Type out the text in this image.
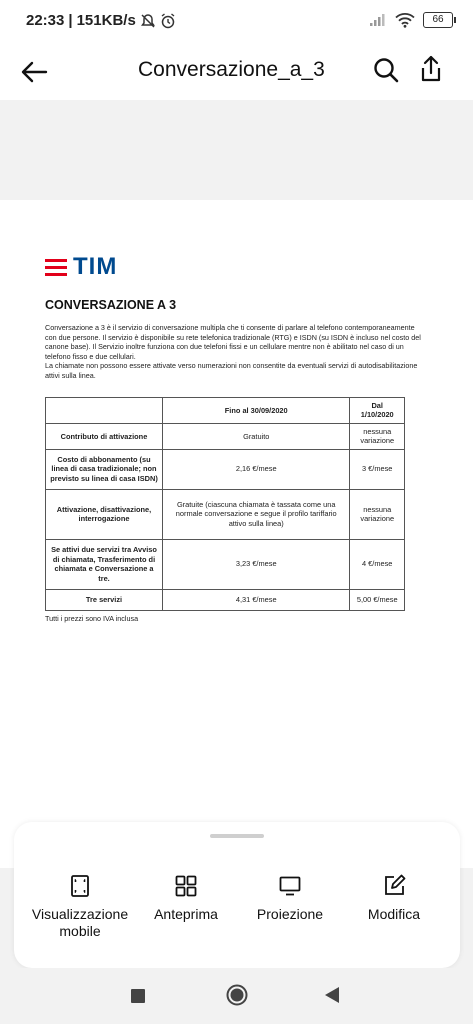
22:33 | 151KB/s	66
Conversazione_a_3
TIM
CONVERSAZIONE A 3

Conversazione a 3 è il servizio di conversazione multipla che ti consente di parlare al telefono contemporaneamente con due persone. Il servizio è disponibile su rete telefonica tradizionale (RTG) e ISDN (su ISDN è incluso nel costo del canone base). Il Servizio inoltre funziona con due telefoni fissi e un cellulare mentre non è abilitato nel caso di un telefono fisso e due cellulari.

La chiamate non possono essere attivate verso numerazioni non consentite da eventuali servizi di autodisabilitazione attivi sulla linea.

	Fino al 30/09/2020	Dal 1/10/2020
Contributo di attivazione	Gratuito	nessuna variazione
Costo di abbonamento (su linea di casa tradizionale; non previsto su linea di casa ISDN)	2,16 €/mese	3 €/mese
Attivazione, disattivazione, interrogazione	Gratuite (ciascuna chiamata è tassata come una normale conversazione e segue il profilo tariffario attivo sulla linea)	nessuna variazione
Se attivi due servizi tra Avviso di chiamata, Trasferimento di chiamata e Conversazione a tre.	3,23 €/mese	4 €/mese
Tre servizi	4,31 €/mese	5,00 €/mese
Tutti i prezzi sono IVA inclusa
Visualizzazione mobile
Anteprima	Proiezione	Modifica
